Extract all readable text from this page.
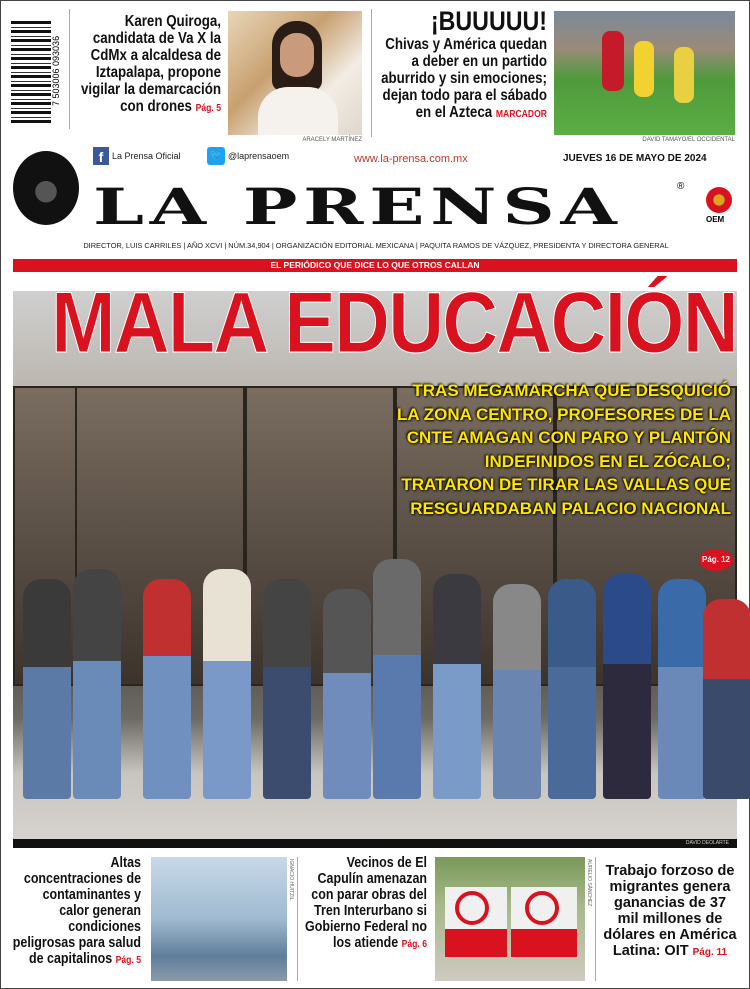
7 503006 093036
Karen Quiroga, candidata de Va X la CdMx a alcaldesa de Iztapalapa, propone vigilar la demarcación con drones Pág. 5
ARACELY MARTÍNEZ
¡BUUUUU!
Chivas y América quedan a deber en un partido aburrido y sin emociones; dejan todo para el sábado en el Azteca MARCADOR
DAVID TAMAYO/EL OCCIDENTAL
f La Prensa Oficial	🐦 @laprensaoem	www.la-prensa.com.mx	JUEVES 16 DE MAYO DE 2024
LA PRENSA	®
OEM
DIRECTOR, LUIS CARRILES | AÑO XCVI | NÚM.34,904 | ORGANIZACIÓN EDITORIAL MEXICANA | PAQUITA RAMOS DE VÁZQUEZ, PRESIDENTA Y DIRECTORA GENERAL
EL PERIÓDICO QUE DICE LO QUE OTROS CALLAN
MALA EDUCACIÓN
TRAS MEGAMARCHA QUE DESQUICIÓ LA ZONA CENTRO, PROFESORES DE LA CNTE AMAGAN CON PARO Y PLANTÓN INDEFINIDOS EN EL ZÓCALO; TRATARON DE TIRAR LAS VALLAS QUE RESGUARDABAN PALACIO NACIONAL
Pág. 12
DAVID DEOLARTE
Altas concentraciones de contaminantes y calor generan condiciones peligrosas para salud de capitalinos Pág. 5
IGNACIO HUITZIL	Vecinos de El Capulín amenazan con parar obras del Tren Interurbano si Gobierno Federal no los atiende Pág. 6
AURELIO SÁNCHEZ Trabajo forzoso de migrantes genera ganancias de 37 mil millones de dólares en América Latina: OIT Pág. 11
